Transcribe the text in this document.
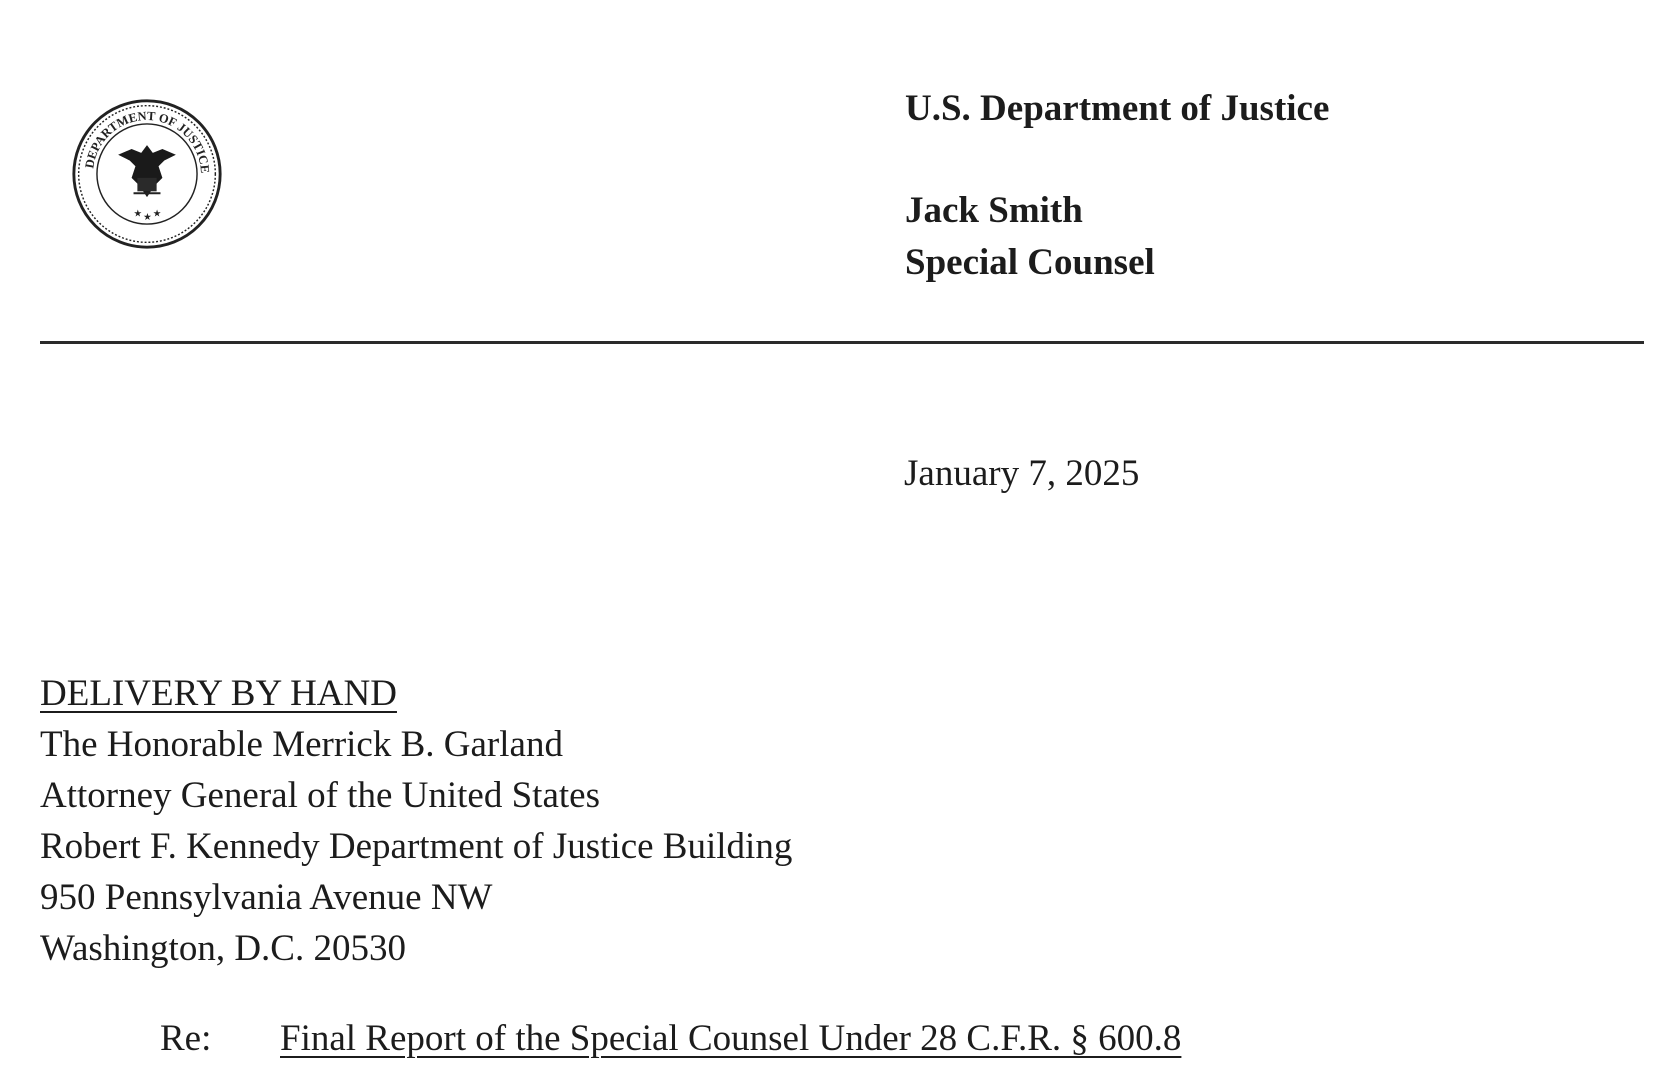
DEPARTMENT OF JUSTICE
★ ★ ★
U.S. Department of Justice
Jack Smith
Special Counsel
January 7, 2025
DELIVERY BY HAND
The Honorable Merrick B. Garland
Attorney General of the United States
Robert F. Kennedy Department of Justice Building
950 Pennsylvania Avenue NW
Washington, D.C. 20530
Re: Final Report of the Special Counsel Under 28 C.F.R. § 600.8
